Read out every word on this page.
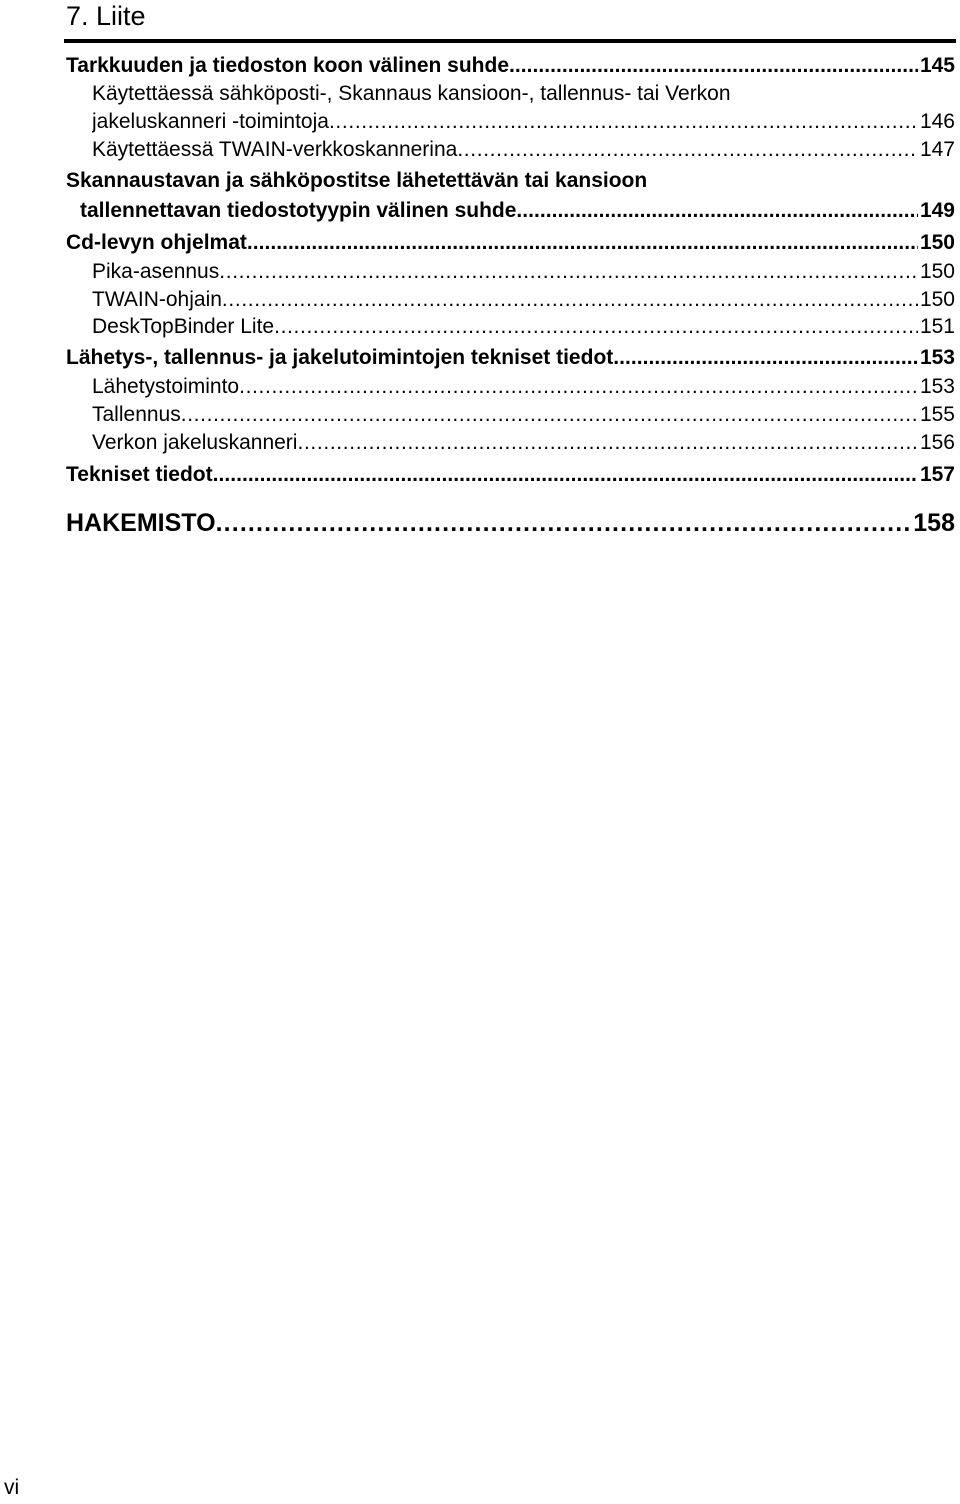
7. Liite
Tarkkuuden ja tiedoston koon välinen suhde . . .	145
Käytettäessä sähköposti-, Skannaus kansioon-, tallennus- tai Verkon
jakeluskanneri -toimintoja . . .	146
Käytettäessä TWAIN-verkkoskannerina . . .	147
Skannaustavan ja sähköpostitse lähetettävän tai kansioon
tallennettavan tiedostotyypin välinen suhde . . .	149
Cd-levyn ohjelmat . . .	150
Pika-asennus . . .	150
TWAIN-ohjain . . .	150
DeskTopBinder Lite . . .	151
Lähetys-, tallennus- ja jakelutoimintojen tekniset tiedot . . .	153
Lähetystoiminto . . .	153
Tallennus . . .	155
Verkon jakeluskanneri . . .	156
Tekniset tiedot . . .	157
HAKEMISTO . . .	158
vi
